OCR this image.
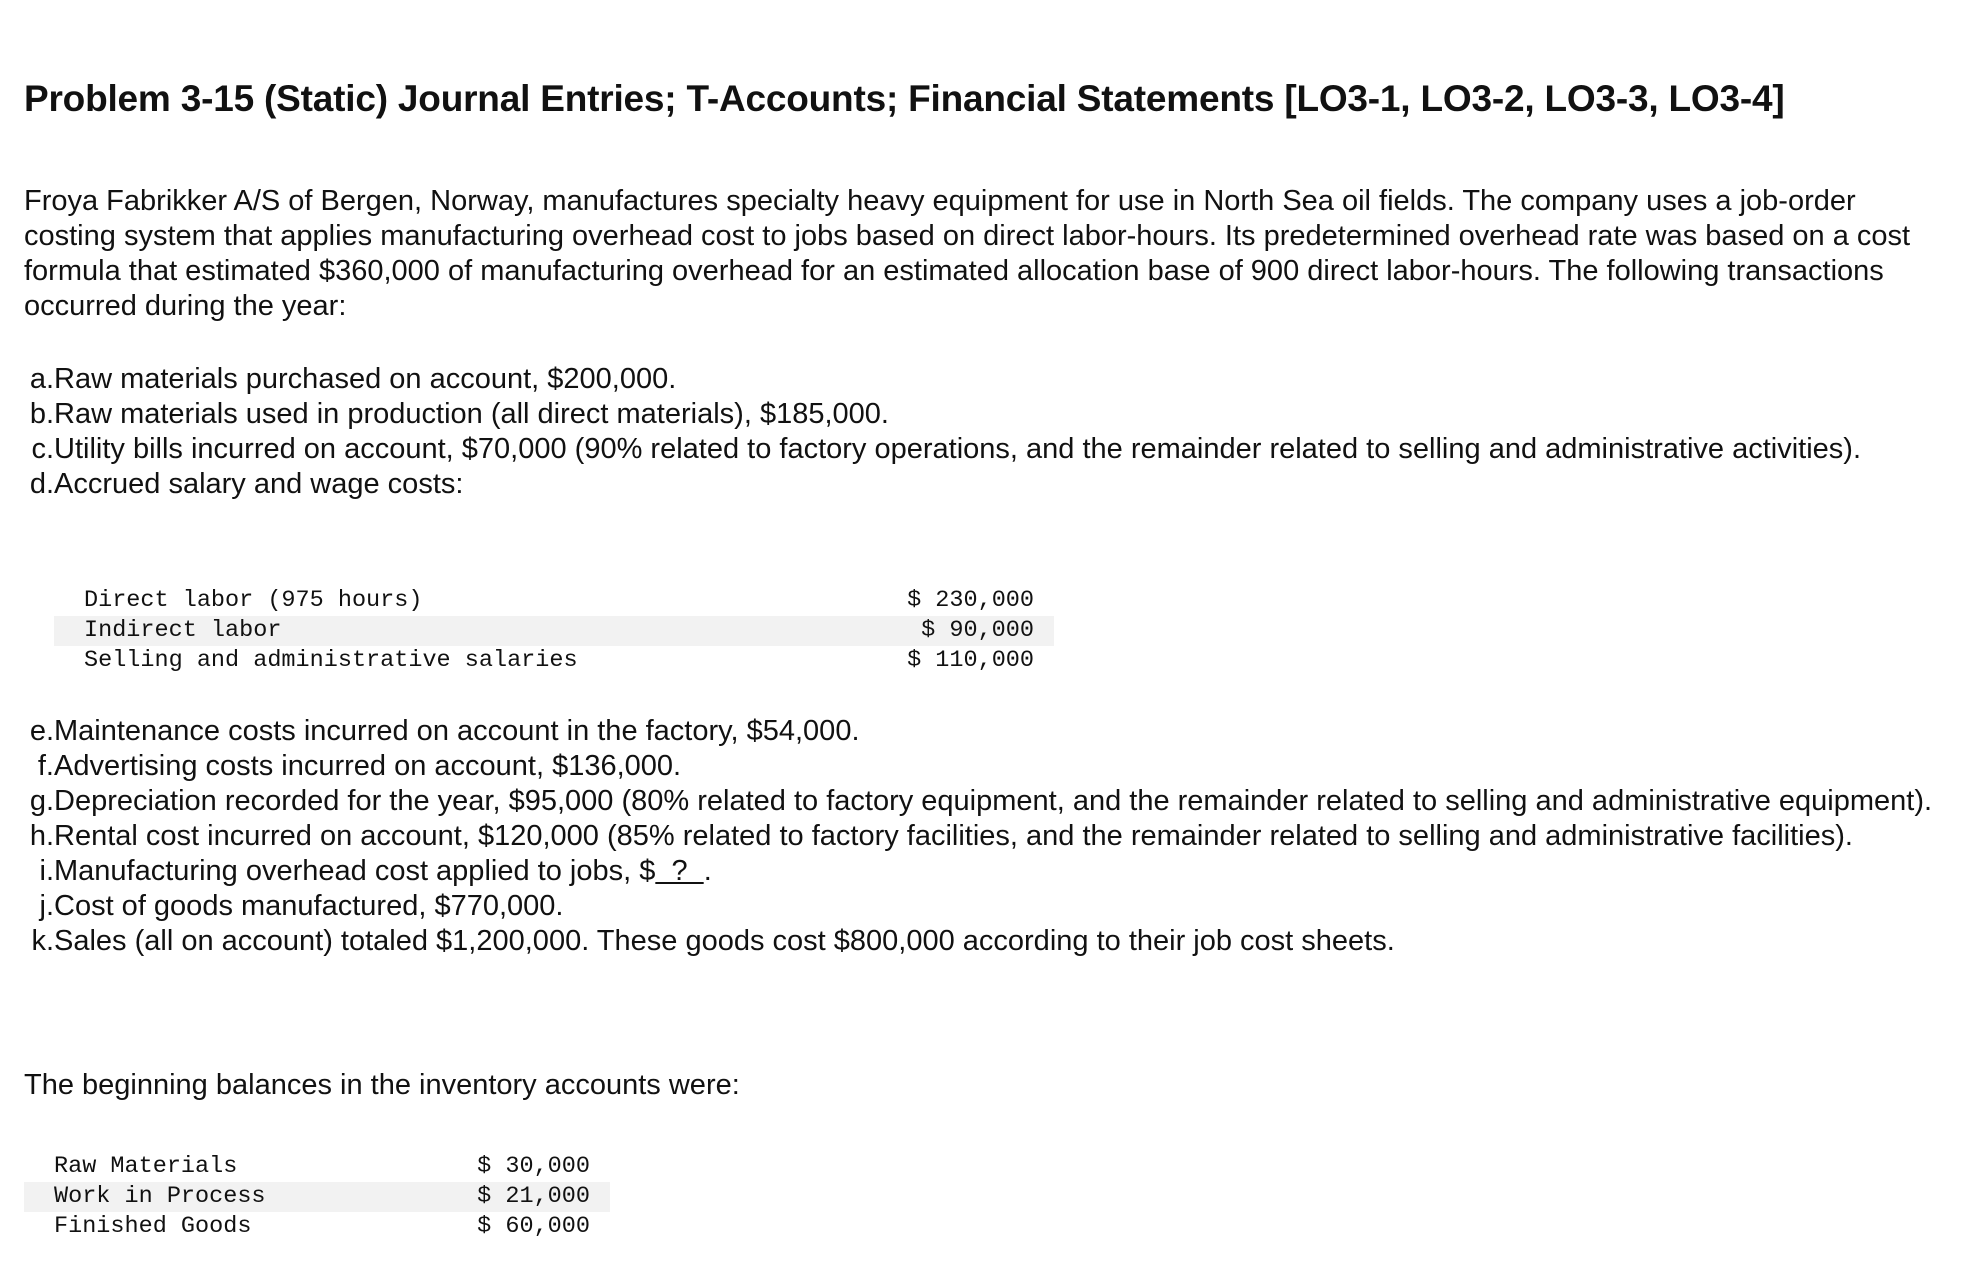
Problem 3-15 (Static) Journal Entries; T-Accounts; Financial Statements [LO3-1, LO3-2, LO3-3, LO3-4]

Froya Fabrikker A/S of Bergen, Norway, manufactures specialty heavy equipment for use in North Sea oil fields. The company uses a job-order costing system that applies manufacturing overhead cost to jobs based on direct labor-hours. Its predetermined overhead rate was based on a cost formula that estimated $360,000 of manufacturing overhead for an estimated allocation base of 900 direct labor-hours. The following transactions occurred during the year:

a. Raw materials purchased on account, $200,000.
b. Raw materials used in production (all direct materials), $185,000.
c. Utility bills incurred on account, $70,000 (90% related to factory operations, and the remainder related to selling and administrative activities).
d. Accrued salary and wage costs:
Direct labor (975 hours)	$ 230,000
Indirect labor	$ 90,000
Selling and administrative salaries	$ 110,000
e. Maintenance costs incurred on account in the factory, $54,000.
f. Advertising costs incurred on account, $136,000.
g. Depreciation recorded for the year, $95,000 (80% related to factory equipment, and the remainder related to selling and administrative equipment).
h. Rental cost incurred on account, $120,000 (85% related to factory facilities, and the remainder related to selling and administrative facilities).
i. Manufacturing overhead cost applied to jobs, $  ?  .
j. Cost of goods manufactured, $770,000.
k. Sales (all on account) totaled $1,200,000. These goods cost $800,000 according to their job cost sheets.

The beginning balances in the inventory accounts were:

Raw Materials	$ 30,000
Work in Process	$ 21,000
Finished Goods	$ 60,000
